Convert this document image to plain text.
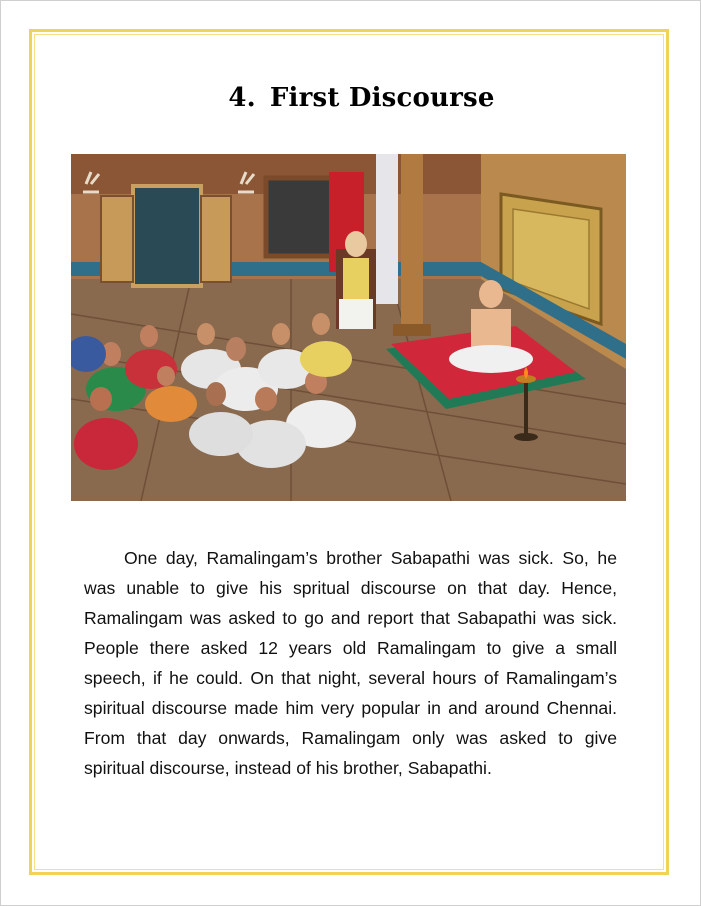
4. First Discourse

One day, Ramalingam’s brother Sabapathi was sick. So, he was unable to give his spritual discourse on that day. Hence, Ramalingam was asked to go and report that Sabapathi was sick. People there asked 12 years old Ramalingam to give a small speech, if he could. On that night, several hours of Ramalingam’s spiritual discourse made him very popular in and around Chennai. From that day onwards, Ramalingam only was asked to give spiritual discourse, instead of his brother, Sabapathi.
